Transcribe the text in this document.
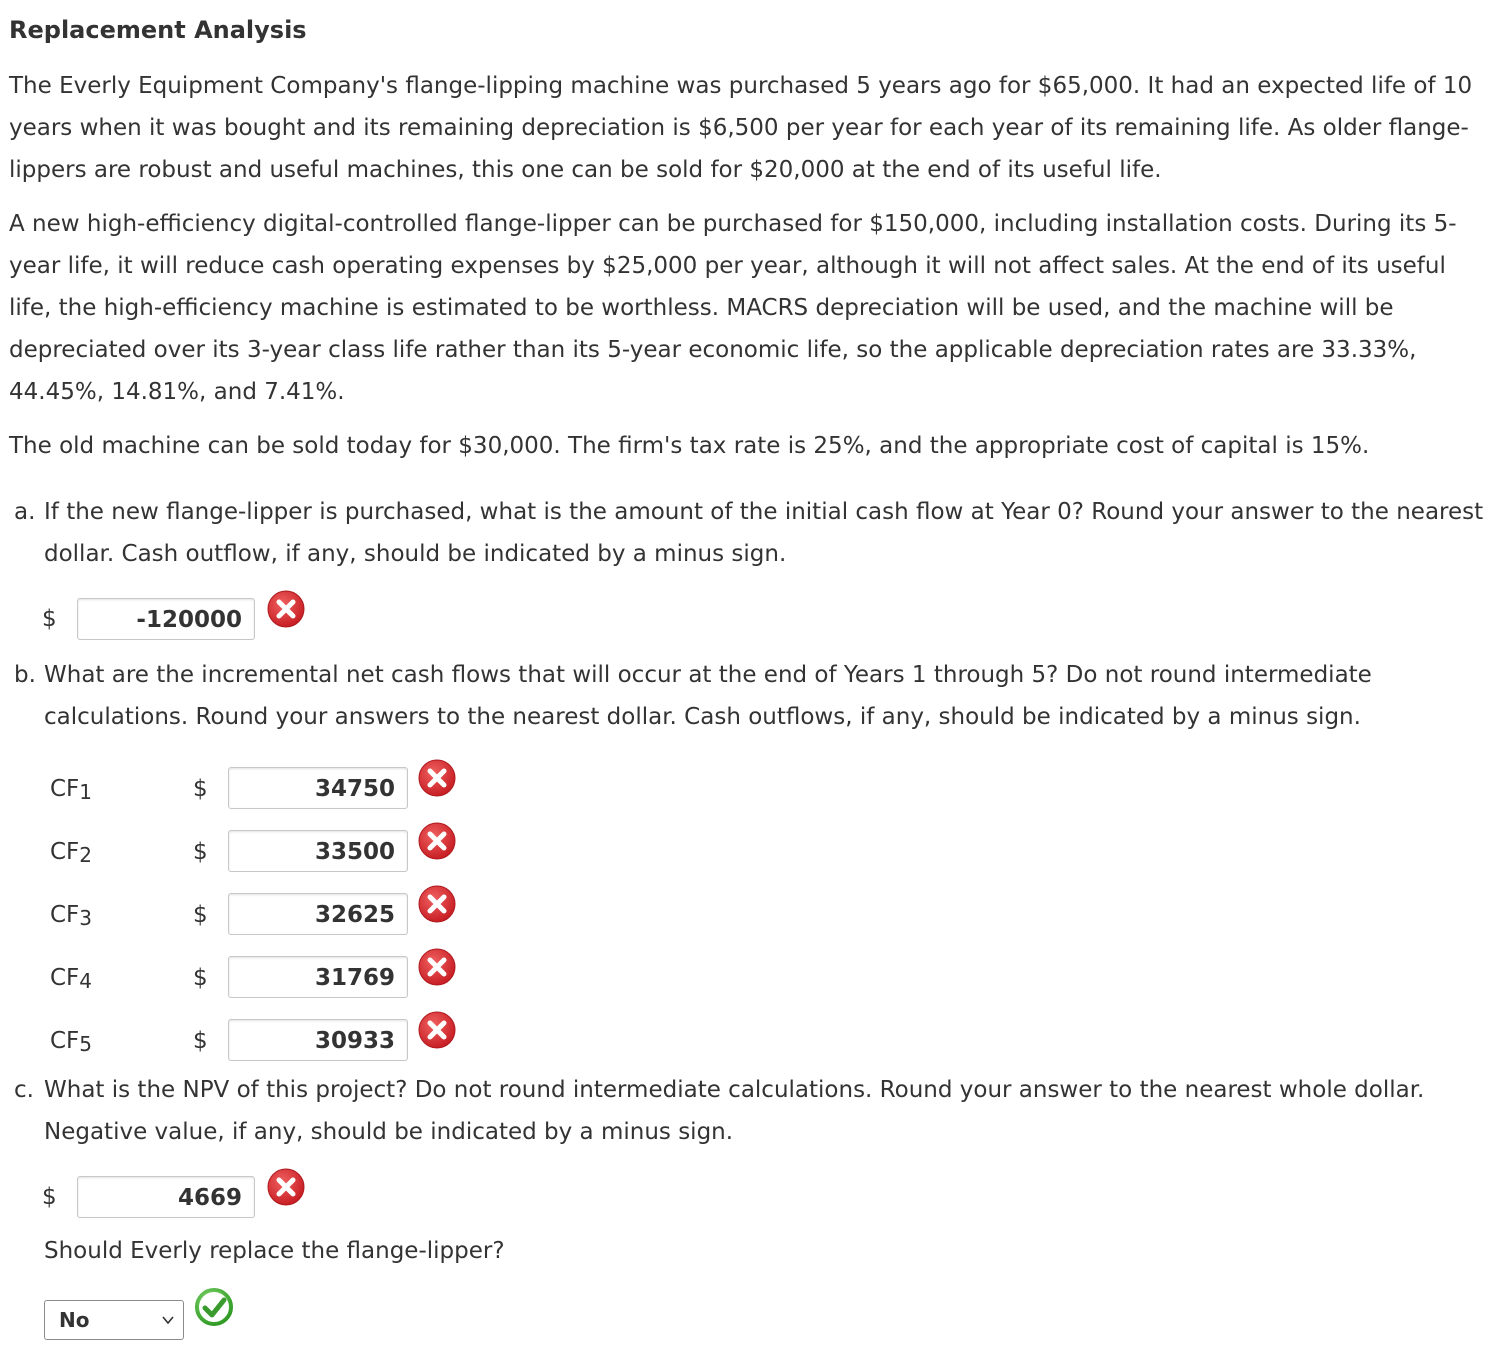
Replacement Analysis

The Everly Equipment Company's flange-lipping machine was purchased 5 years ago for $65,000. It had an expected life of 10 years when it was bought and its remaining depreciation is $6,500 per year for each year of its remaining life. As older flange-lippers are robust and useful machines, this one can be sold for $20,000 at the end of its useful life.

A new high-efficiency digital-controlled flange-lipper can be purchased for $150,000, including installation costs. During its 5-year life, it will reduce cash operating expenses by $25,000 per year, although it will not affect sales. At the end of its useful life, the high-efficiency machine is estimated to be worthless. MACRS depreciation will be used, and the machine will be depreciated over its 3-year class life rather than its 5-year economic life, so the applicable depreciation rates are 33.33%, 44.45%, 14.81%, and 7.41%.

The old machine can be sold today for $30,000. The firm's tax rate is 25%, and the appropriate cost of capital is 15%.

a. If the new flange-lipper is purchased, what is the amount of the initial cash flow at Year 0? Round your answer to the nearest dollar. Cash outflow, if any, should be indicated by a minus sign.
$	-120000
b. What are the incremental net cash flows that will occur at the end of Years 1 through 5? Do not round intermediate calculations. Round your answers to the nearest dollar. Cash outflows, if any, should be indicated by a minus sign.
CF1	$	34750
CF2	$	33500
CF3	$	32625
CF4	$	31769
CF5	$	30933
c. What is the NPV of this project? Do not round intermediate calculations. Round your answer to the nearest whole dollar. Negative value, if any, should be indicated by a minus sign.
$	4669
Should Everly replace the flange-lipper?
No
